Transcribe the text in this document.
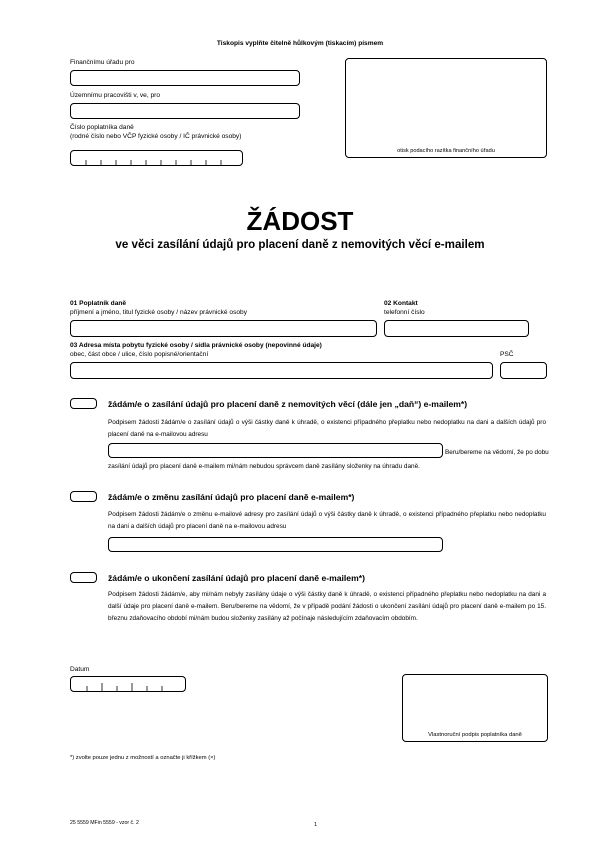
Tiskopis vyplňte čitelně hůlkovým (tiskacím) písmem
Finančnímu úřadu pro
Územnímu pracovišti v, ve, pro
Číslo poplatníka daně
(rodné číslo nebo VČP fyzické osoby / IČ právnické osoby)
otisk podacího razítka finančního úřadu
ŽÁDOST
ve věci zasílání údajů pro placení daně z nemovitých věcí e-mailem
01 Poplatník daně
příjmení a jméno, titul fyzické osoby / název právnické osoby
02 Kontakt
telefonní číslo
03 Adresa místa pobytu fyzické osoby / sídla právnické osoby (nepovinné údaje)
obec, část obce / ulice, číslo popisné/orientační	PSČ
žádám/e o zasílání údajů pro placení daně z nemovitých věcí (dále jen „daň“) e-mailem*)
Podpisem žádosti žádám/e o zasílání údajů o výši částky daně k úhradě, o existenci případného přeplatku nebo nedoplatku na dani a dalších údajů pro placení daně na e-mailovou adresu
Beru/bereme na vědomí, že po dobu
zasílání údajů pro placení daně e-mailem mi/nám nebudou správcem daně zasílány složenky na úhradu daně.
žádám/e o změnu zasílání údajů pro placení daně e-mailem*)
Podpisem žádosti žádám/e o změnu e-mailové adresy pro zasílání údajů o výši částky daně k úhradě, o existenci případného přeplatku nebo nedoplatku na dani a dalších údajů pro placení daně na e-mailovou adresu
žádám/e o ukončení zasílání údajů pro placení daně e-mailem*)
Podpisem žádosti žádám/e, aby mi/nám nebyly zasílány údaje o výši částky daně k úhradě, o existenci případného přeplatku nebo nedoplatku na dani a další údaje pro placení daně e-mailem. Beru/bereme na vědomí, že v případě podání žádosti o ukončení zasílání údajů pro placení daně e-mailem po 15. březnu zdaňovacího období mi/nám budou složenky zasílány až počínaje následujícím zdaňovacím obdobím.
Datum
Vlastnoruční podpis poplatníka daně
*) zvolte pouze jednu z možností a označte ji křížkem (×)
25 5559 MFin 5559 - vzor č. 2	1
